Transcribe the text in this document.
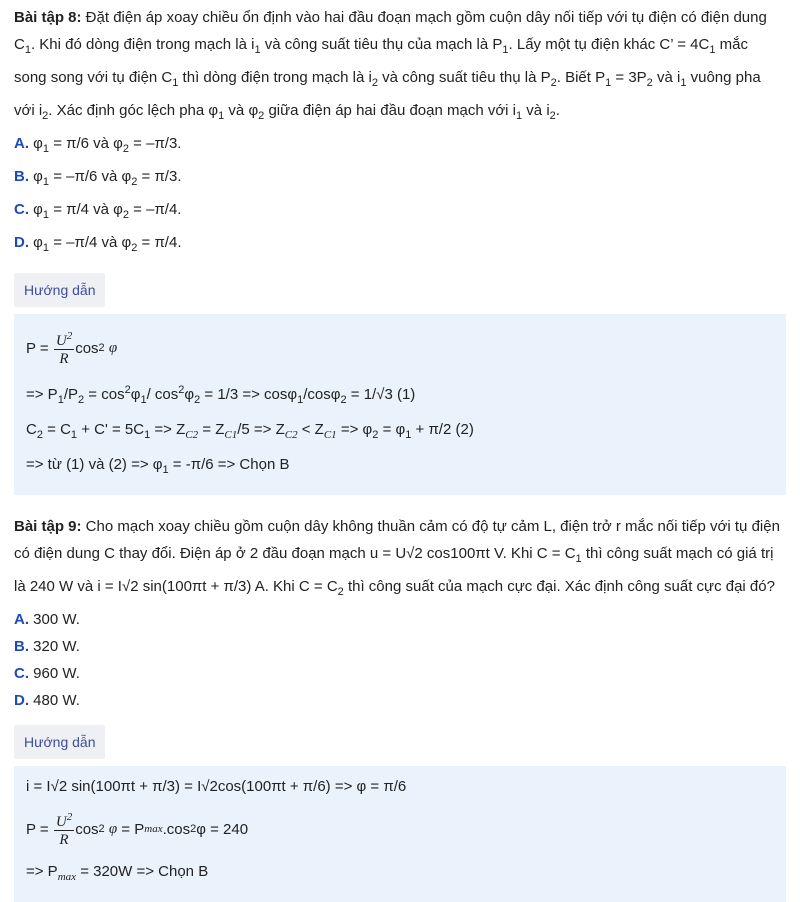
Bài tập 8: Đặt điện áp xoay chiều ổn định vào hai đầu đoạn mạch gồm cuộn dây nối tiếp với tụ điện có điện dung

$C_1$. Khi đó dòng điện trong mạch là $i_1$ và công suất tiêu thụ của mạch là $P_1$. Lấy một tụ điện khác C’ = $4C_1$ mắc

song song với tụ điện $C_1$ thì dòng điện trong mạch là $i_2$ và công suất tiêu thụ là $P_2$. Biết $P_1 = 3P_2$ và $i_1$ vuông pha

với $i_2$. Xác định góc lệch pha $\varphi_1$ và $\varphi_2$ giữa điện áp hai đầu đoạn mạch với $i_1$ và $i_2$.

A. $\varphi_1 = \pi/6$ và $\varphi_2 = -\pi/3$.

B. $\varphi_1 = -\pi/6$ và $\varphi_2 = \pi/3$.

C. $\varphi_1 = \pi/4$ và $\varphi_2 = -\pi/4$.

D. $\varphi_1 = -\pi/4$ và $\varphi_2 = \pi/4$.

Hướng dẫn
$P = \frac{U^2}{R}$ cos 2
φ

=> $P_1/P_2 = \cos^2\varphi_1/$ $\cos^2\varphi_2 = 1/3 => \cos\varphi_1/\cos\varphi_2 = 1/√3$ (1)

$C_2 = C_1 + C' = 5C_1 => Z_{C2} = Z_{C1}/5 => Z_{C2} < Z_{C1} => \varphi_2 = \varphi_1 + \pi/2$ (2)

=> từ (1) và $(2) => \varphi_1 = -\pi/6$ => Chọn B

Bài tập 9: Cho mạch xoay chiều gồm cuộn dây không thuần cảm có độ tự cảm L, điện trở r mắc nối tiếp với tụ điện

có điện dung C thay đổi. Điện áp ở 2 đầu đoạn mạch u = U√2 cos100πt V. Khi $C = C_1$ thì công suất mạch có giá trị

là 240 W và i = I√2 sin(100πt + π/3) A. Khi $C = C_2$ thì công suất của mạch cực đại. Xác định công suất cực đại đó?

A. 300 W.

B. 320 W.

C. 960 W.

D. 480 W.

Hướng dẫn

i = I√2 sin(100πt + π/3) = I√2cos(100πt + π/6) => φ = π/6

$P = \frac{U^2}{R}$ cos 2
φ = P max .cos 2 φ = 240

=> $P_{max} = 320W$ => Chọn B
